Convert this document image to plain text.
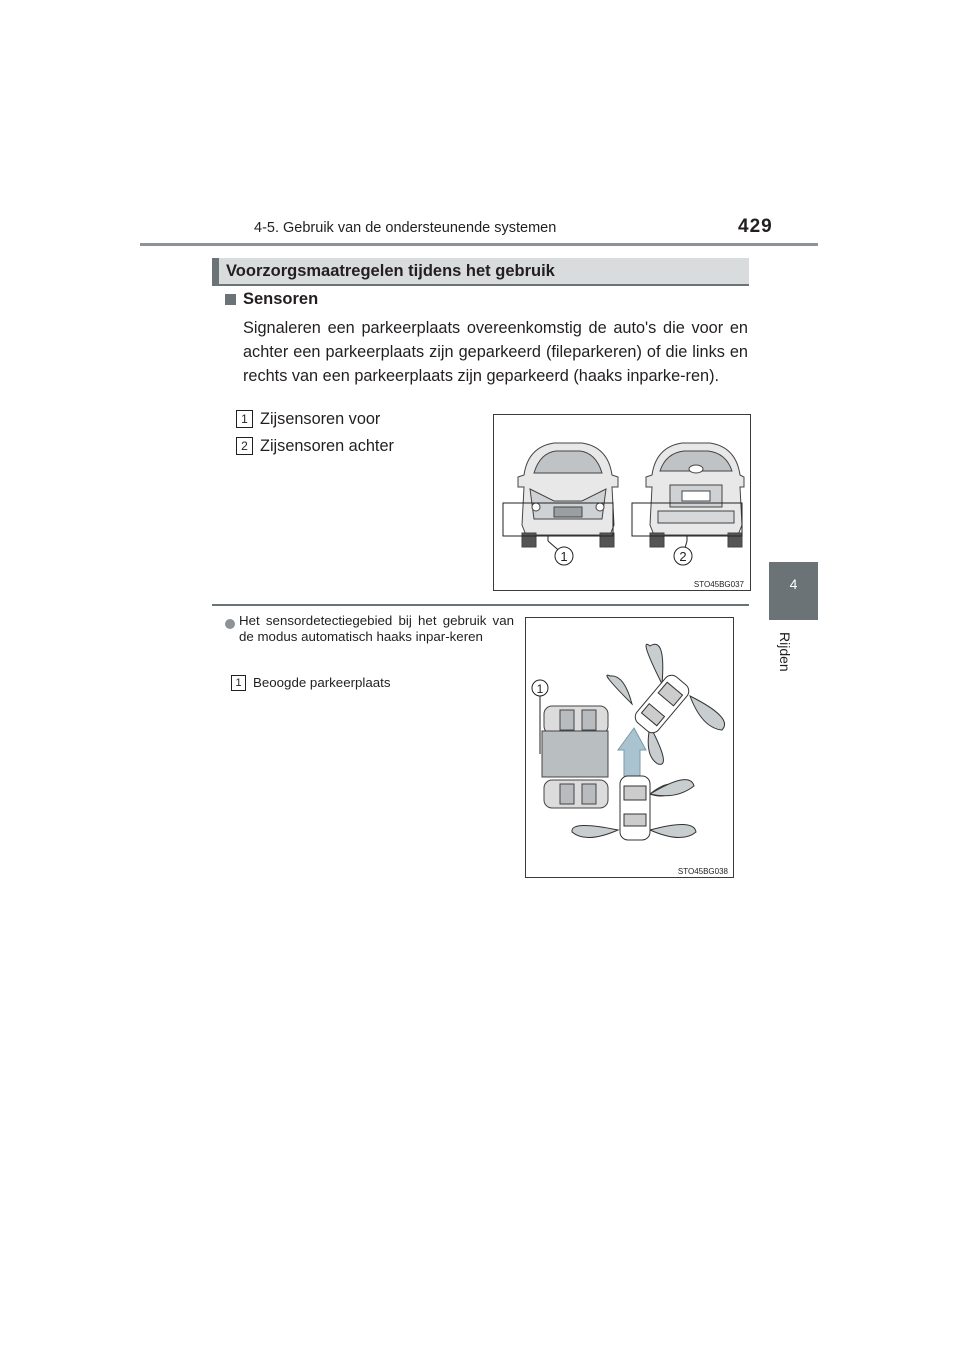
4-5. Gebruik van de ondersteunende systemen	429
4
Rijden
Voorzorgsmaatregelen tijdens het gebruik
Sensoren
Signaleren een parkeerplaats overeenkomstig de auto's die voor en achter een parkeerplaats zijn geparkeerd (fileparkeren) of die links en rechts van een parkeerplaats zijn geparkeerd (haaks inparke-ren).
1 Zijsensoren voor
2 Zijsensoren achter
1	2
STO45BG037
Het sensordetectiegebied bij het gebruik van de modus automatisch haaks inpar-keren
1 Beoogde parkeerplaats	1
STO45BG038
